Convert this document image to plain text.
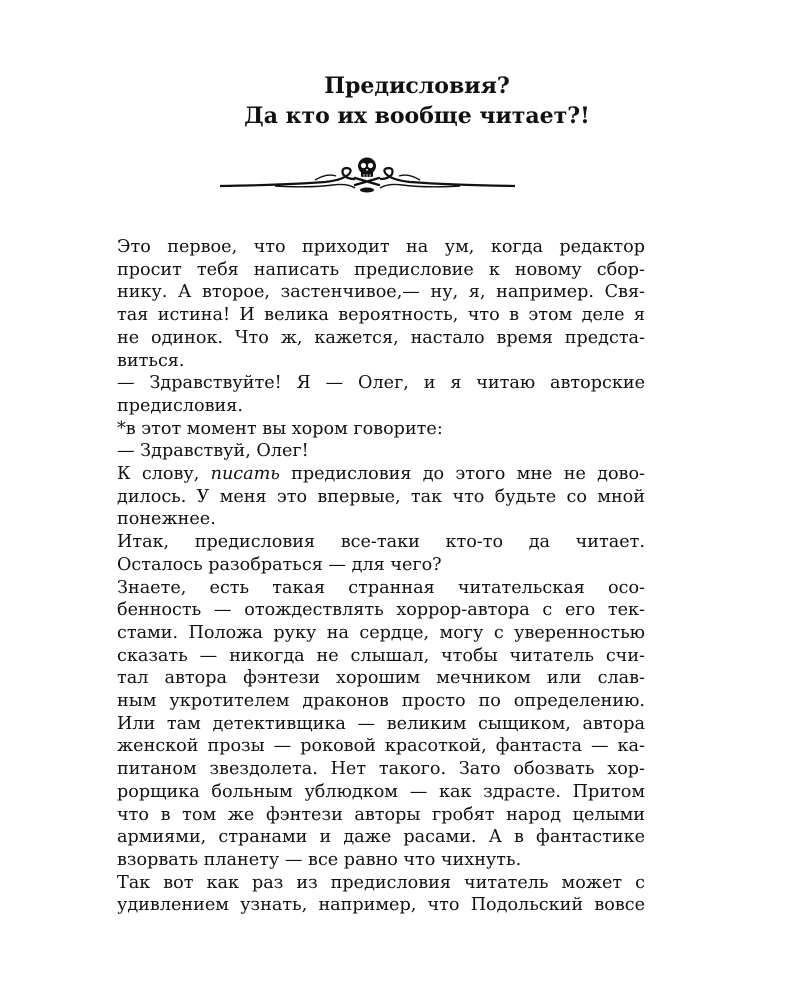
Предисловия?
Да кто их вообще читает?!
Это первое, что приходит на ум, когда редактор
просит тебя написать предисловие к новому сбор-
нику. А второе, застенчивое,— ну, я, например. Свя-
тая истина! И велика вероятность, что в этом деле я
не одинок. Что ж, кажется, настало время предста-
виться.
— Здравствуйте! Я — Олег, и я читаю авторские
предисловия.
*в этот момент вы хором говорите:
— Здравствуй, Олег!
К слову, писать предисловия до этого мне не дово-
дилось. У меня это впервые, так что будьте со мной
понежнее.
Итак, предисловия все-таки кто-то да читает.
Осталось разобраться — для чего?
Знаете, есть такая странная читательская осо-
бенность — отождествлять хоррор-автора с его тек-
стами. Положа руку на сердце, могу с уверенностью
сказать — никогда не слышал, чтобы читатель счи-
тал автора фэнтези хорошим мечником или слав-
ным укротителем драконов просто по определению.
Или там детективщика — великим сыщиком, автора
женской прозы — роковой красоткой, фантаста — ка-
питаном звездолета. Нет такого. Зато обозвать хор-
рорщика больным ублюдком — как здрасте. Притом
что в том же фэнтези авторы гробят народ целыми
армиями, странами и даже расами. А в фантастике
взорвать планету — все равно что чихнуть.
Так вот как раз из предисловия читатель может с
удивлением узнать, например, что Подольский вовсе
